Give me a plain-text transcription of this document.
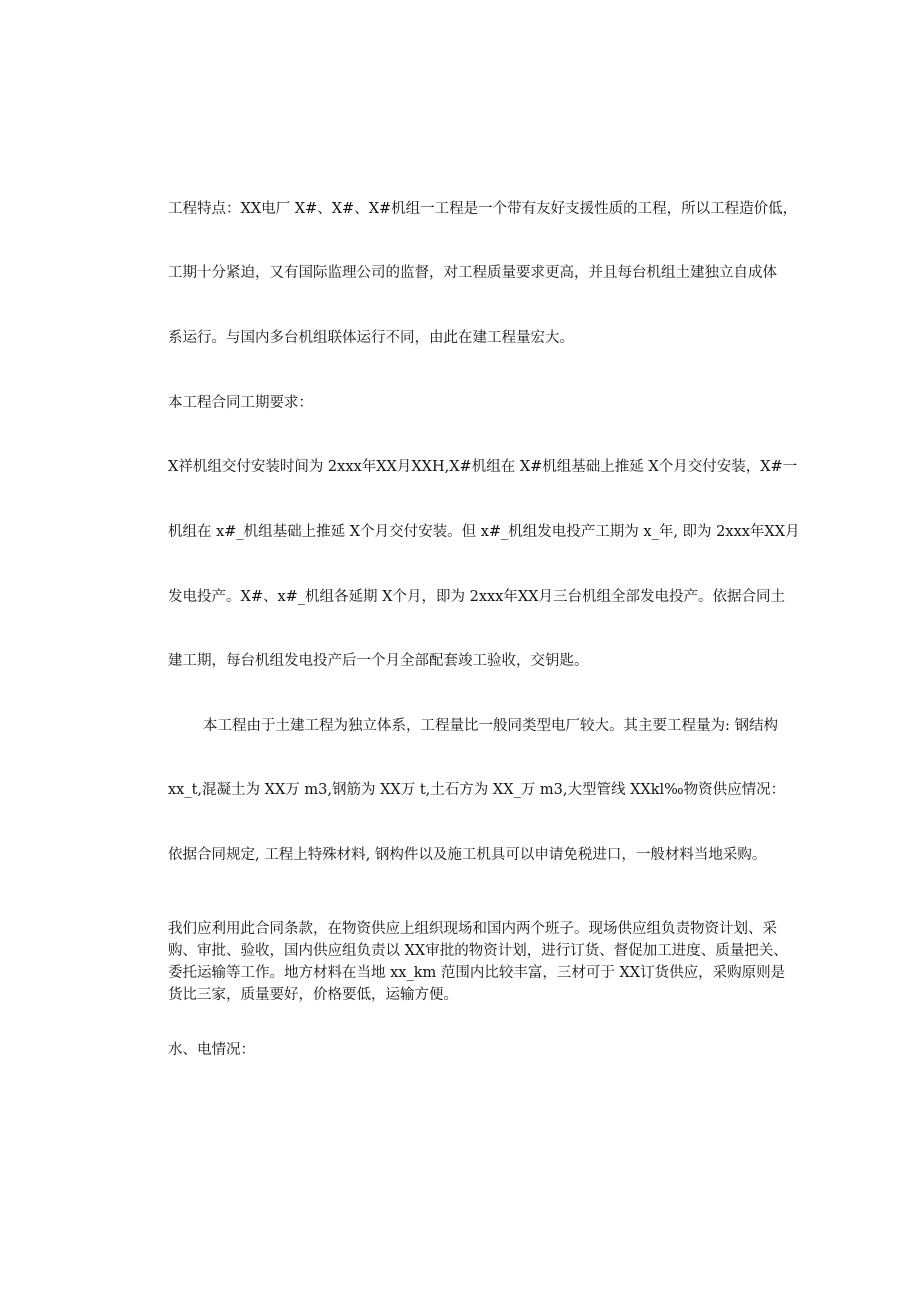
工程特点：XX电厂 X#、X#、X#机组一工程是一个带有友好支援性质的工程，所以工程造价低，

工期十分紧迫，又有国际监理公司的监督，对工程质量要求更高，并且每台机组土建独立自成体

系运行。与国内多台机组联体运行不同，由此在建工程量宏大。

本工程合同工期要求：

X祥机组交付安装时间为 2xxx年XX月XXH,X#机组在 X#机组基础上推延 X个月交付安装，X#一

机组在 x#_机组基础上推延 X个月交付安装。但 x#_机组发电投产工期为 x_年, 即为 2xxx年XX月

发电投产。X#、x#_机组各延期 X个月，即为 2xxx年XX月三台机组全部发电投产。依据合同土

建工期，每台机组发电投产后一个月全部配套竣工验收，交钥匙。

本工程由于土建工程为独立体系，工程量比一般同类型电厂较大。其主要工程量为: 钢结构

xx_t,混凝土为 XX万 m3,钢筋为 XX万 t,土石方为 XX_万 m3,大型管线 XXkl‰物资供应情况：

依据合同规定, 工程上特殊材料, 钢构件以及施工机具可以申请免税进口，一般材料当地采购。

我们应利用此合同条款，在物资供应上组织现场和国内两个班子。现场供应组负责物资计划、采
购、审批、验收，国内供应组负责以 XX审批的物资计划，进行订货、督促加工进度、质量把关、
委托运输等工作。地方材料在当地 xx_km 范围内比较丰富，三材可于 XX订货供应，采购原则是
货比三家，质量要好，价格要低，运输方便。

水、电情况：
